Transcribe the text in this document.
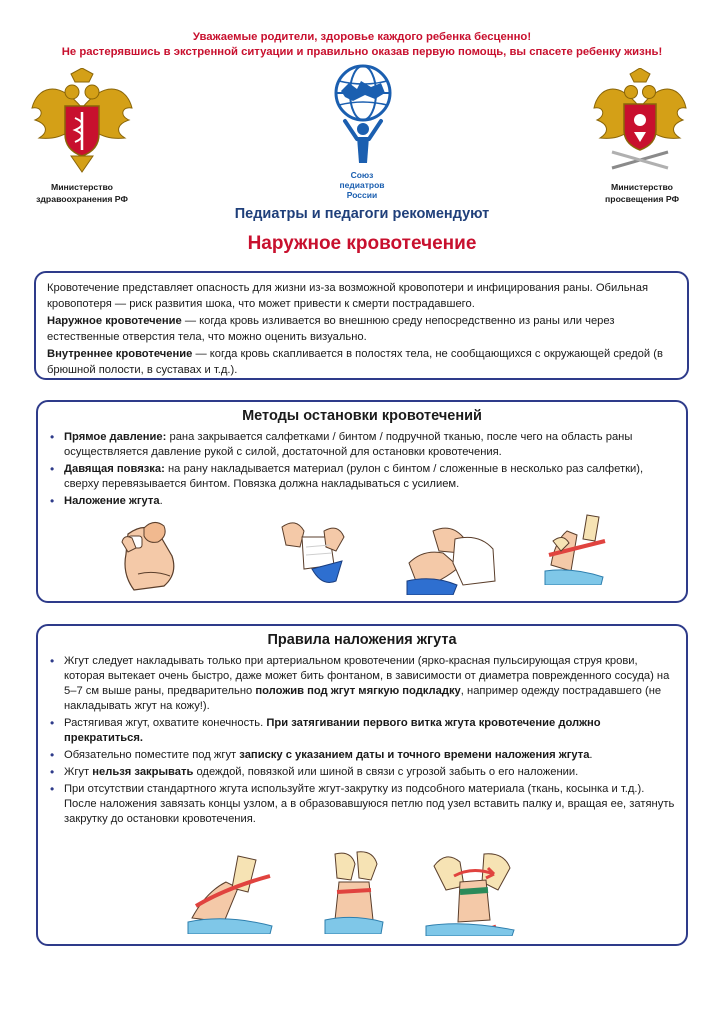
Уважаемые родители, здоровье каждого ребенка бесценно!
Не растерявшись в экстренной ситуации и правильно оказав первую помощь, вы спасете ребенку жизнь!
Министерство
здравоохранения РФ
Союз
педиатров
России
Министерство
просвещения РФ
Педиатры и педагоги рекомендуют
Наружное кровотечение

Кровотечение представляет опасность для жизни из-за возможной кровопотери и инфицирования раны. Обильная кровопотеря — риск развития шока, что может привести к смерти пострадавшего.

Наружное кровотечение — когда кровь изливается во внешнюю среду непосредственно из раны или через естественные отверстия тела, что можно оценить визуально.

Внутреннее кровотечение — когда кровь скапливается в полостях тела, не сообщающихся с окружающей средой (в брюшной полости, в суставах и т.д.).

Методы остановки кровотечений
• Прямое давление: рана закрывается салфетками / бинтом / подручной тканью, после чего на область раны осуществляется давление рукой с силой, достаточной для остановки кровотечения.
• Давящая повязка: на рану накладывается материал (рулон с бинтом / сложенные в несколько раз салфетки), сверху перевязывается бинтом. Повязка должна накладываться с усилием.
• Наложение жгута.
Правила наложения жгута
• Жгут следует накладывать только при артериальном кровотечении (ярко-красная пульсирующая струя крови, которая вытекает очень быстро, даже может бить фонтаном, в зависимости от диаметра поврежденного сосуда) на 5–7 см выше раны, предварительно положив под жгут мягкую подкладку, например одежду пострадавшего (не накладывать жгут на кожу!).
• Растягивая жгут, охватите конечность. При затягивании первого витка жгута кровотечение должно прекратиться.
• Обязательно поместите под жгут записку с указанием даты и точного времени наложения жгута.
• Жгут нельзя закрывать одеждой, повязкой или шиной в связи с угрозой забыть о его наложении.
• При отсутствии стандартного жгута используйте жгут-закрутку из подсобного материала (ткань, косынка и т.д.). После наложения завязать концы узлом, а в образовавшуюся петлю под узел вставить палку и, вращая ее, затянуть закрутку до остановки кровотечения.
